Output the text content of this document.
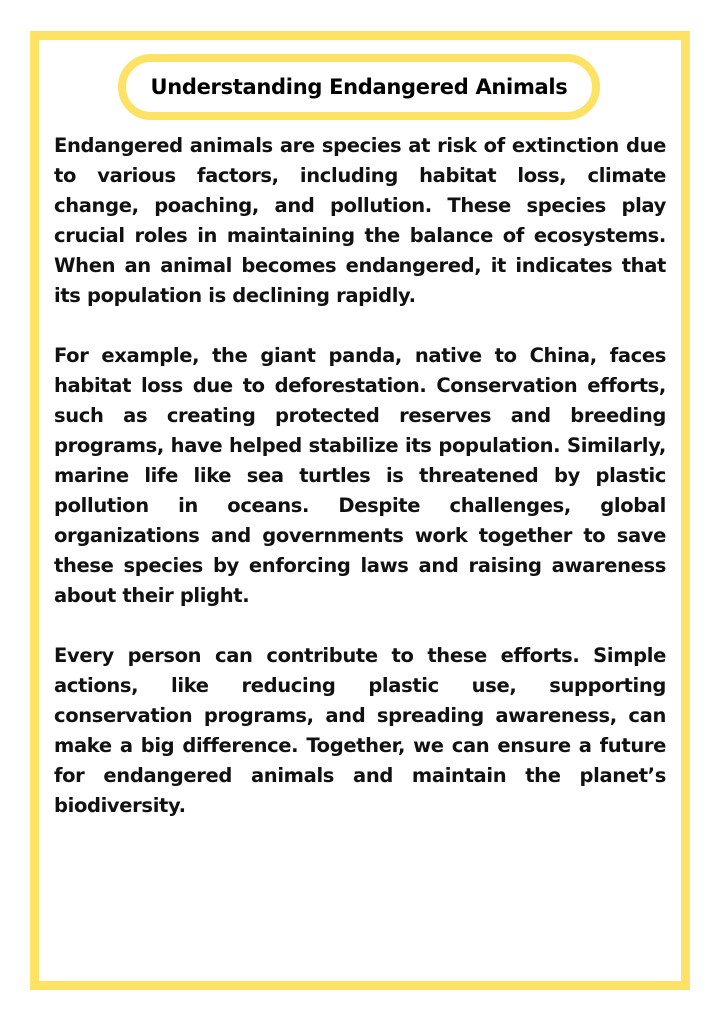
Understanding Endangered Animals

Endangered animals are species at risk of extinction due to various factors, including habitat loss, climate change, poaching, and pollution. These species play crucial roles in maintaining the balance of ecosystems. When an animal becomes endangered, it indicates that its population is declining rapidly.

For example, the giant panda, native to China, faces habitat loss due to deforestation. Conservation efforts, such as creating protected reserves and breeding programs, have helped stabilize its population. Similarly, marine life like sea turtles is threatened by plastic pollution in oceans. Despite challenges, global organizations and governments work together to save these species by enforcing laws and raising awareness about their plight.

Every person can contribute to these efforts. Simple actions, like reducing plastic use, supporting conservation programs, and spreading awareness, can make a big difference. Together, we can ensure a future for endangered animals and maintain the planet’s biodiversity.
